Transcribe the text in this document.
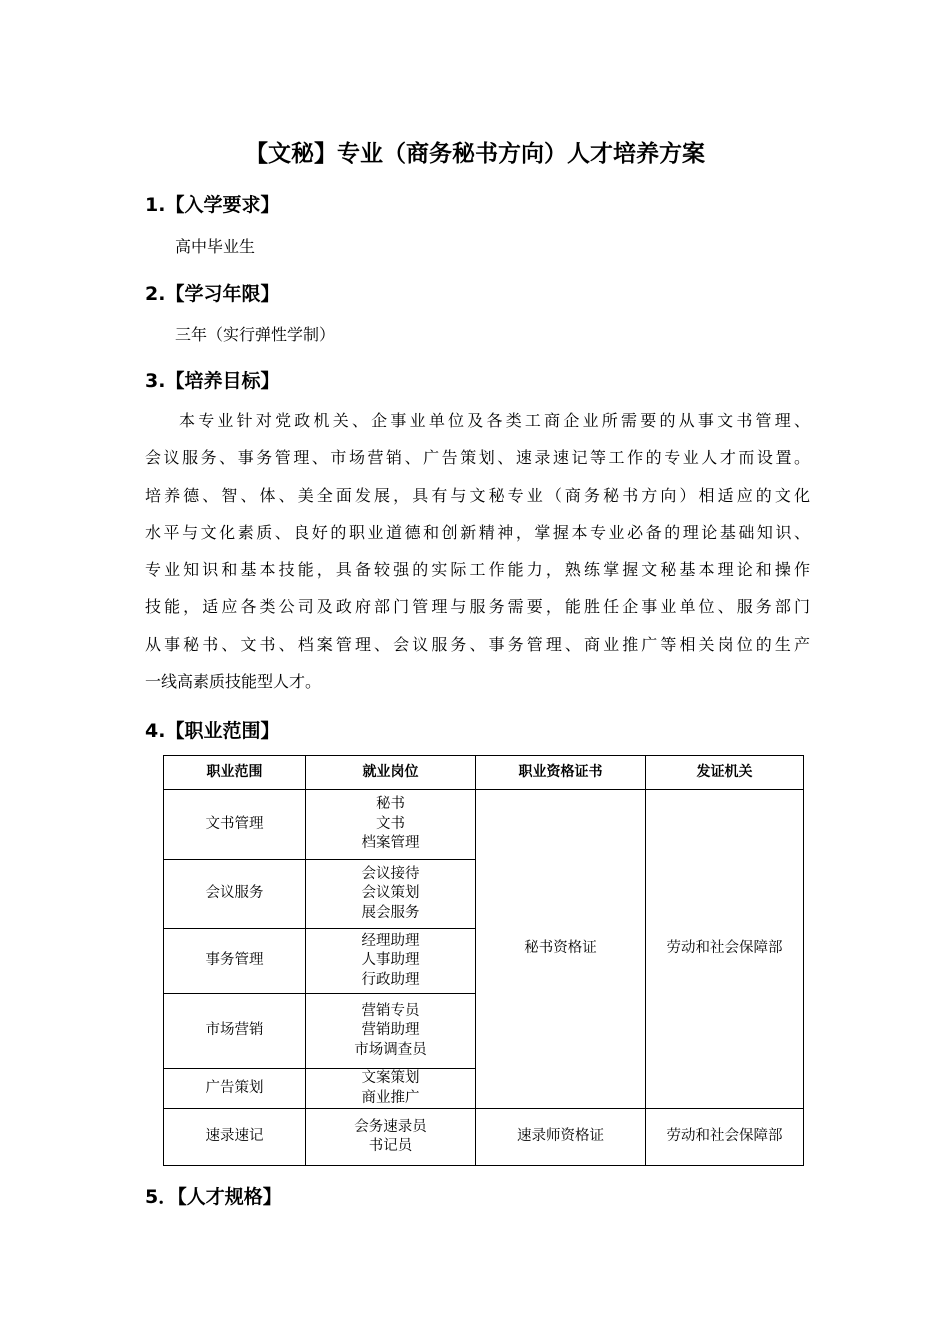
【文秘】专业（商务秘书方向）人才培养方案
1.【入学要求】
高中毕业生
2.【学习年限】
三年（实行弹性学制）
3.【培养目标】
本专业针对党政机关、企事业单位及各类工商企业所需要的从事文书管理、
会议服务、事务管理、市场营销、广告策划、速录速记等工作的专业人才而设置。
培养德、智、体、美全面发展，具有与文秘专业（商务秘书方向）相适应的文化
水平与文化素质、良好的职业道德和创新精神，掌握本专业必备的理论基础知识、
专业知识和基本技能，具备较强的实际工作能力，熟练掌握文秘基本理论和操作
技能，适应各类公司及政府部门管理与服务需要，能胜任企事业单位、服务部门
从事秘书、文书、档案管理、会议服务、事务管理、商业推广等相关岗位的生产
一线高素质技能型人才。
4.【职业范围】
职业范围	就业岗位	职业资格证书	发证机关
文书管理	秘书
文书
档案管理	秘书资格证	劳动和社会保障部
会议服务	会议接待
会议策划
展会服务		

事务管理	经理助理
人事助理
行政助理		

市场营销	营销专员
营销助理
市场调查员		

广告策划	文案策划
商业推广		

速录速记	会务速录员
书记员	速录师资格证	劳动和社会保障部
5．【人才规格】
